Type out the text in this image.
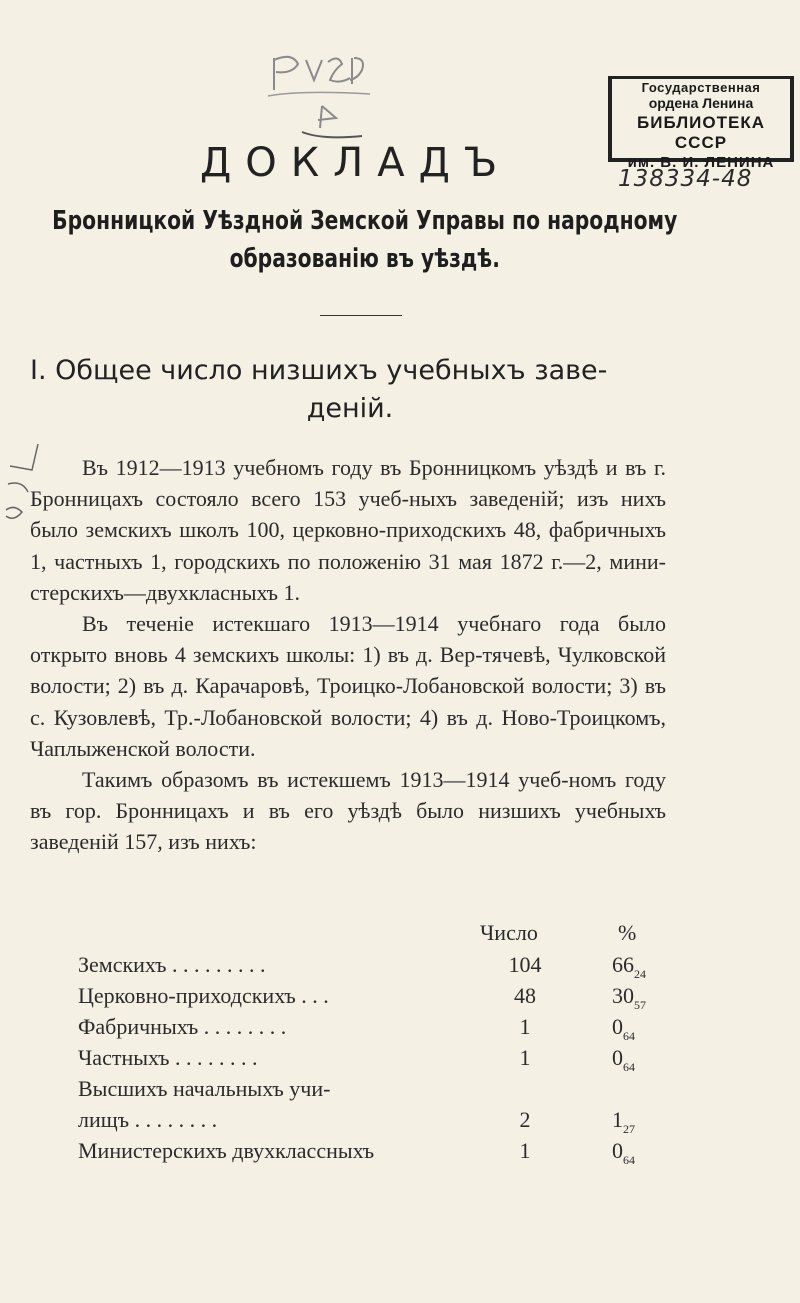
Государственная
ордена Ленина
БИБЛИОТЕКА СССР
им. В. И. ЛЕНИНА
138334-48
ДОКЛАДЪ
Бронницкой Уѣздной Земской Управы по народному
образованію въ уѣздѣ.
I. Общее число низшихъ учебныхъ заве-
деній.

Въ 1912—1913 учебномъ году въ Бронницкомъ уѣздѣ и въ г. Бронницахъ состояло всего 153 учеб-ныхъ заведеній; изъ нихъ было земскихъ школъ 100, церковно-приходскихъ 48, фабричныхъ 1, частныхъ 1, городскихъ по положенію 31 мая 1872 г.—2, мини-стерскихъ—двухкласныхъ 1.

Въ теченіе истекшаго 1913—1914 учебнаго года было открыто вновь 4 земскихъ школы: 1) въ д. Вер-тячевѣ, Чулковской волости; 2) въ д. Карачаровѣ, Троицко-Лобановской волости; 3) въ с. Кузовлевѣ, Тр.-Лобановской волости; 4) въ д. Ново-Троицкомъ, Чаплыженской волости.

Такимъ образомъ въ истекшемъ 1913—1914 учеб-номъ году въ гор. Бронницахъ и въ его уѣздѣ было низшихъ учебныхъ заведеній 157, изъ нихъ:

Число	%
Земскихъ . . . . . . . . .	104	$66_{24}$
Церковно-приходскихъ . . .	48	$30_{57}$
Фабричныхъ . . . . . . . .	1	$0_{64}$
Частныхъ . . . . . . . .	1	$0_{64}$
Высшихъ начальныхъ учи-
лищъ . . . . . . . .	2	$1_{27}$
Министерскихъ двухклассныхъ	1	$0_{64}$
